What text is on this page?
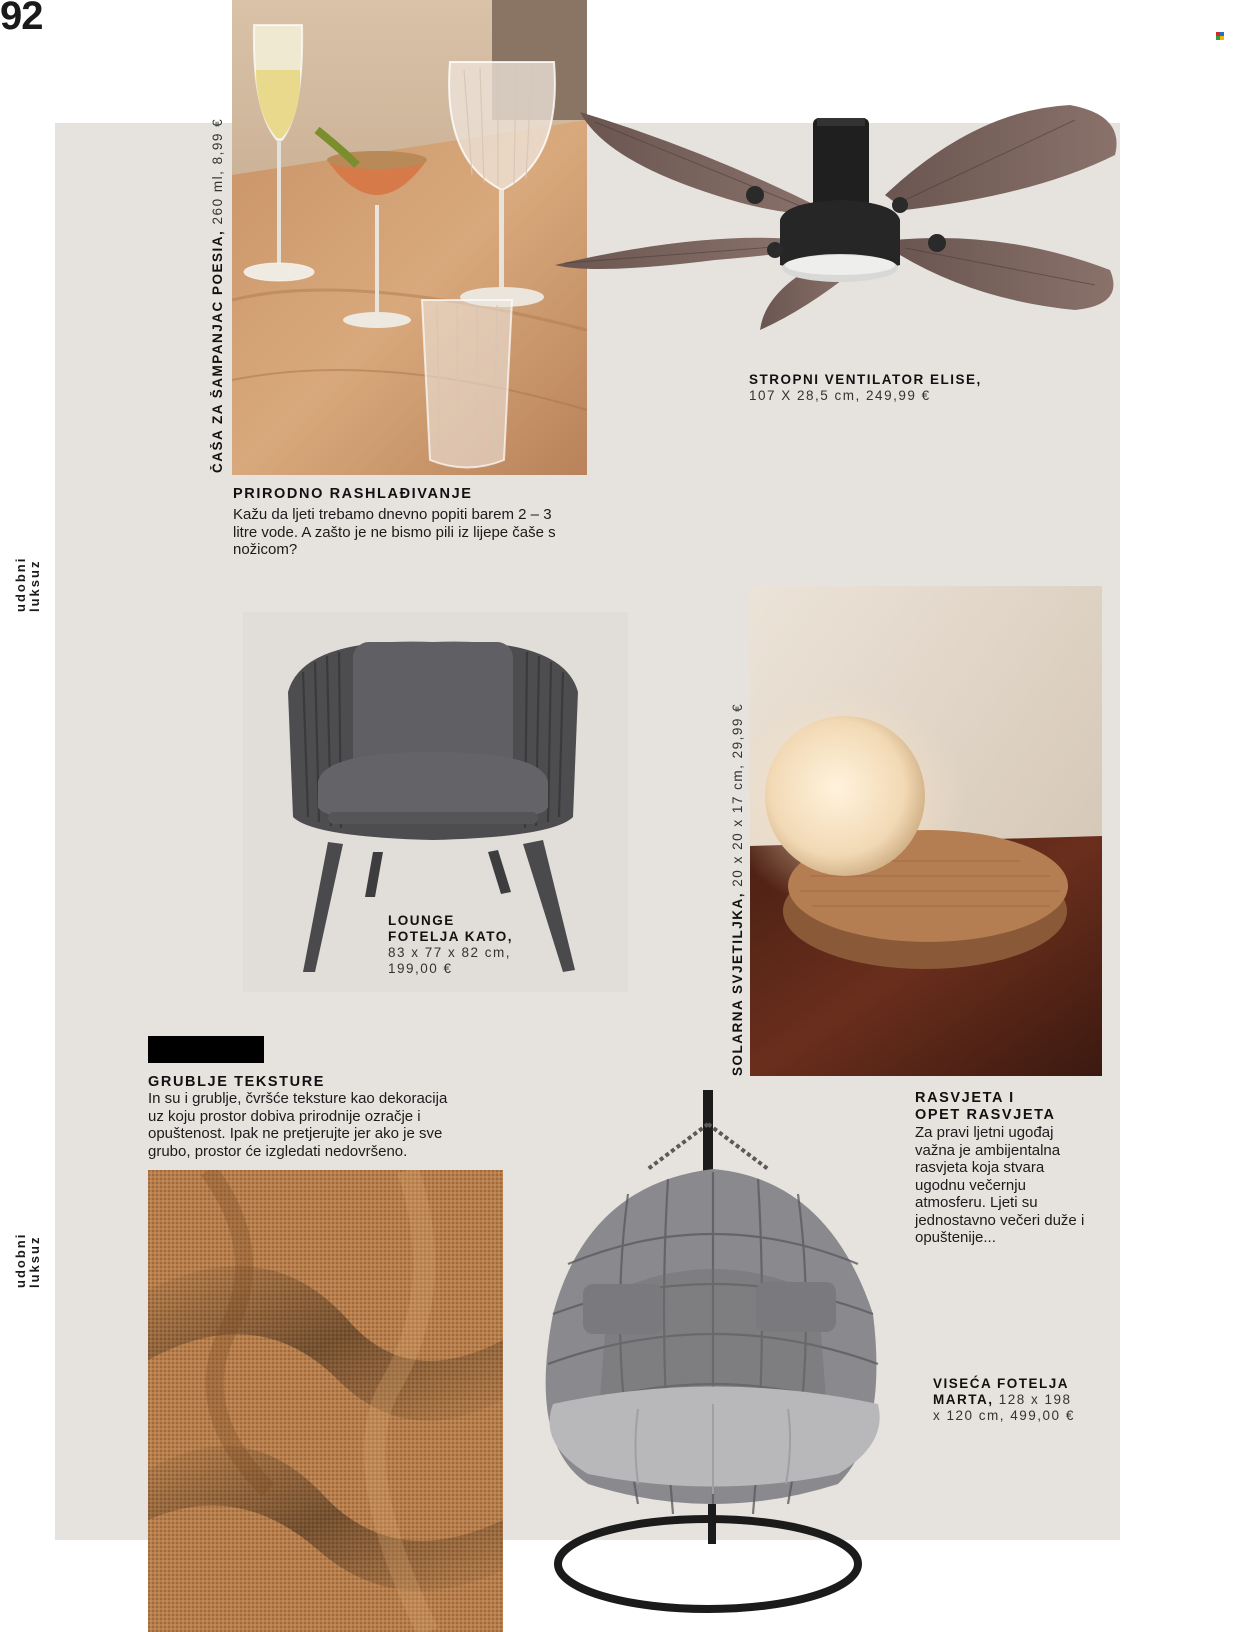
92
udobni
luksuz
udobni
luksuz
ČAŠA ZA ŠAMPANJAC POESIA, 260 ml, 8,99 €
STROPNI VENTILATOR ELISE,
107 X 28,5 cm, 249,99 €
PRIRODNO RASHLAĐIVANJE
Kažu da ljeti trebamo dnevno popiti barem 2 – 3
litre vode. A zašto je ne bismo pili iz lijepe čaše s
nožicom?
LOUNGE
FOTELJA KATO,
83 x 77 x 82 cm,
199,00 €	SOLARNA SVJETILJKA, 20 x 20 x 17 cm, 29,99 €
GRUBLJE TEKSTURE
In su i grublje, čvršće teksture kao dekoracija
uz koju prostor dobiva prirodnije ozračje i
opuštenost. Ipak ne pretjerujte jer ako je sve
grubo, prostor će izgledati nedovršeno.
RASVJETA I
OPET RASVJETA
Za pravi ljetni ugođaj
važna je ambijentalna
rasvjeta koja stvara
ugodnu večernju
atmosferu. Ljeti su
jednostavno večeri duže i
opuštenije...
VISEĆA FOTELJA
MARTA, 128 x 198
x 120 cm, 499,00 €
